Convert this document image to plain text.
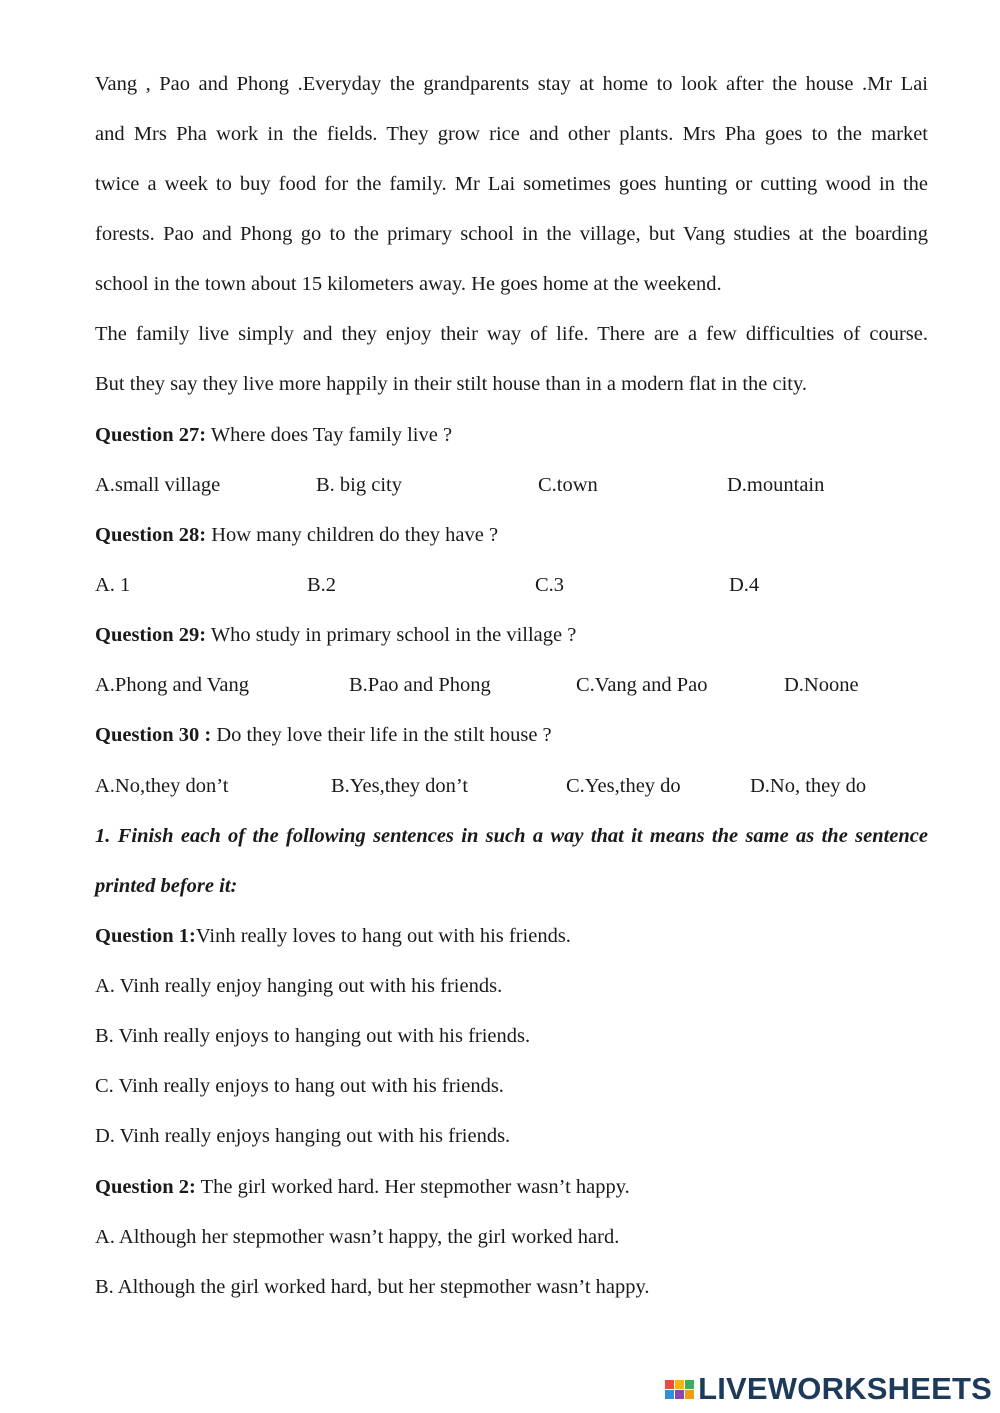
Vang , Pao and Phong .Everyday the grandparents stay at home to look after the house .Mr Lai
and Mrs Pha work in the fields. They grow rice and other plants. Mrs Pha goes to the market
twice a week to buy food for the family. Mr Lai sometimes goes hunting or cutting wood in the
forests. Pao and Phong go to the primary school in the village, but Vang studies at the boarding
school in the town about 15 kilometers away. He goes home at the weekend.
The family live simply and they enjoy their way of life. There are a few difficulties of course.
But they say they live more happily in their stilt house than in a modern flat in the city.
Question 27: Where does Tay family live ?
A.small village	B. big city	C.town	D.mountain
Question 28: How many children do they have ?
A. 1	B.2	C.3	D.4
Question 29: Who study in primary school in the village ?
A.Phong and Vang	B.Pao and Phong	C.Vang and Pao	D.Noone
Question 30 : Do they love their life in the stilt house ?
A.No,they don’t	B.Yes,they don’t	C.Yes,they do	D.No, they do
1. Finish each of the following sentences in such a way that it means the same as the sentence
printed before it:
Question 1:Vinh really loves to hang out with his friends.
A. Vinh really enjoy hanging out with his friends.
B. Vinh really enjoys to hanging out with his friends.
C. Vinh really enjoys to hang out with his friends.
D. Vinh really enjoys hanging out with his friends.
Question 2: The girl worked hard. Her stepmother wasn’t happy.
A. Although her stepmother wasn’t happy, the girl worked hard.
B. Although the girl worked hard, but her stepmother wasn’t happy.
LIVEWORKSHEETS
